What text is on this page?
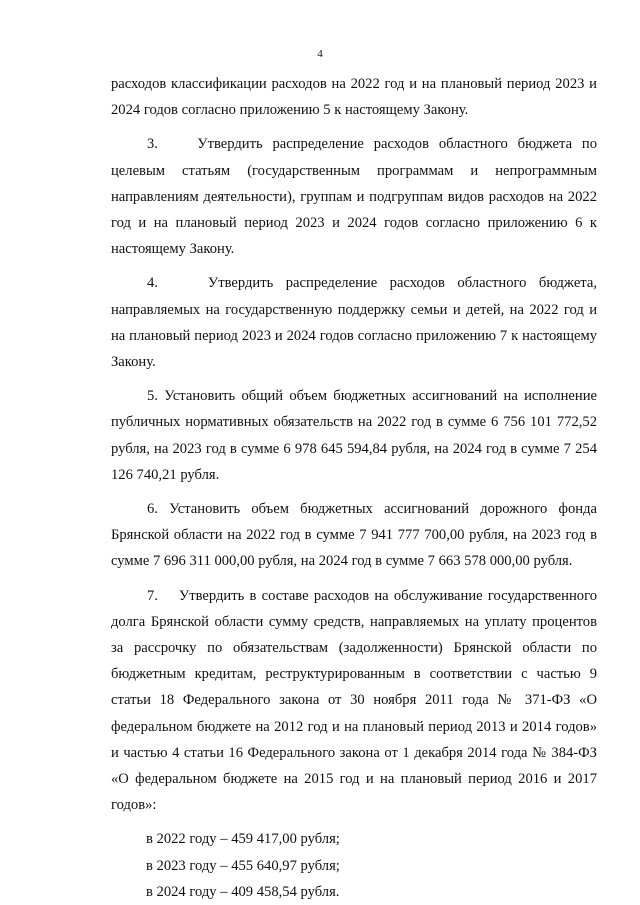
4

расходов классификации расходов на 2022 год и на плановый период 2023 и 2024 годов согласно приложению 5 к настоящему Закону.

3.    Утвердить распределение расходов областного бюджета по целевым статьям (государственным программам и непрограммным направлениям деятельности), группам и подгруппам видов расходов на 2022 год и на плановый период 2023 и 2024 годов согласно приложению 6 к настоящему Закону.

4.    Утвердить распределение расходов областного бюджета, направляемых на государственную поддержку семьи и детей, на 2022 год и на плановый период 2023 и 2024 годов согласно приложению 7 к настоящему Закону.

5. Установить общий объем бюджетных ассигнований на исполнение публичных нормативных обязательств на 2022 год в сумме 6 756 101 772,52 рубля, на 2023 год в сумме 6 978 645 594,84 рубля, на 2024 год в сумме 7 254 126 740,21 рубля.

6. Установить объем бюджетных ассигнований дорожного фонда Брянской области на 2022 год в сумме 7 941 777 700,00 рубля, на 2023 год в сумме 7 696 311 000,00 рубля, на 2024 год в сумме 7 663 578 000,00 рубля.

7.    Утвердить в составе расходов на обслуживание государственного долга Брянской области сумму средств, направляемых на уплату процентов за рассрочку по обязательствам (задолженности) Брянской области по бюджетным кредитам, реструктурированным в соответствии с частью 9 статьи 18 Федерального закона от 30 ноября 2011 года № 371-ФЗ «О федеральном бюджете на 2012 год и на плановый период 2013 и 2014 годов» и частью 4 статьи 16 Федерального закона от 1 декабря 2014 года № 384-ФЗ «О федеральном бюджете на 2015 год и на плановый период 2016 и 2017 годов»:

в 2022 году – 459 417,00 рубля;
в 2023 году – 455 640,97 рубля;
в 2024 году – 409 458,54 рубля.
